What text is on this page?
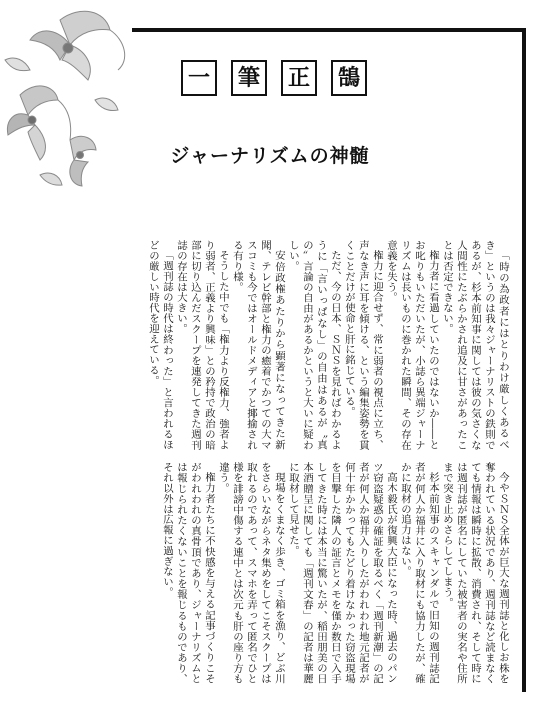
一	筆	正	鵠
ジャーナリズムの神髄

「時の為政者にはとりわけ厳しくあるべき」というのは我々ジャーナリストの鉄則であるが、杉本前知事に関しては彼の気さくな人間性にたぶらかされ追及に甘さがあったことは否定できない。

権力者に看過していたのではないか――とお叱りもいただいたが、小誌ら異端ジャーナリズムは長いものに巻かれた瞬間、その存在意義を失う。

権力に迎合せず、常に弱者の視点に立ち、声なき声に耳を傾ける、という編集姿勢を貫くことだけが使命と肝に銘じている。

ただ、今の日本、ＳＮＳを見ればわかるように「言いっぱなし」の自由はあるが〝真の〟言論の自由があるかというと大いに疑わしい。

安倍政権あたりから顕著になってきた新聞、テレビ幹部と権力の癒着でかつての大マスコミも今ではオールドメディアと揶揄される有り様。

そうした中でも「権力より反権力、強者より弱者、正義より興味」との矜持で政治の暗部に切り込んだスクープを連発してきた週刊誌の存在は大きい。

「週刊誌の時代は終わった」と言われるほどの厳しい時代を迎えている。

今やＳＮＳ全体が巨大な週刊誌と化しお株を奪われている状況であり、週刊誌など読まなくても情報は瞬時に拡散、消費され、そして時には週刊誌が匿名にしていた被害者の実名や住所まで突き止めさらしてしまう。

杉本前知事のスキャンダルで旧知の週刊誌記者が何人か福井に入り取材にも協力したが、確かに取材の追力はない。

高木毅氏が復興大臣になった時、過去のパンツ窃盗疑惑の確証を取るべく「週刊新潮」の記者が何人か福井入りしたがわれわれ地元記者が何十年かかってもたどり着けなかった窃盗現場を目撃した隣人の証言とメモを僅か数日で入手してきた時には本当に驚いたが、稲田朋美の日本酒贈呈に関しても「週刊文春」の記者は華麗に取材して見せた。

現場をくまなく歩き、ゴミ箱を漁り、どぶ川をさらいながらネタ集めをしてこそスクープは取れるのであって、スマホを弄って匿名でひと様を誹謗中傷する連中とは次元も肝の座り方も違う。

権力者たちに不快感を与える記事づくりこそがわれわれの真骨頂であり、ジャーナリズムとは報じられたくないことを報じるものであり、それ以外は広報に過ぎない。
